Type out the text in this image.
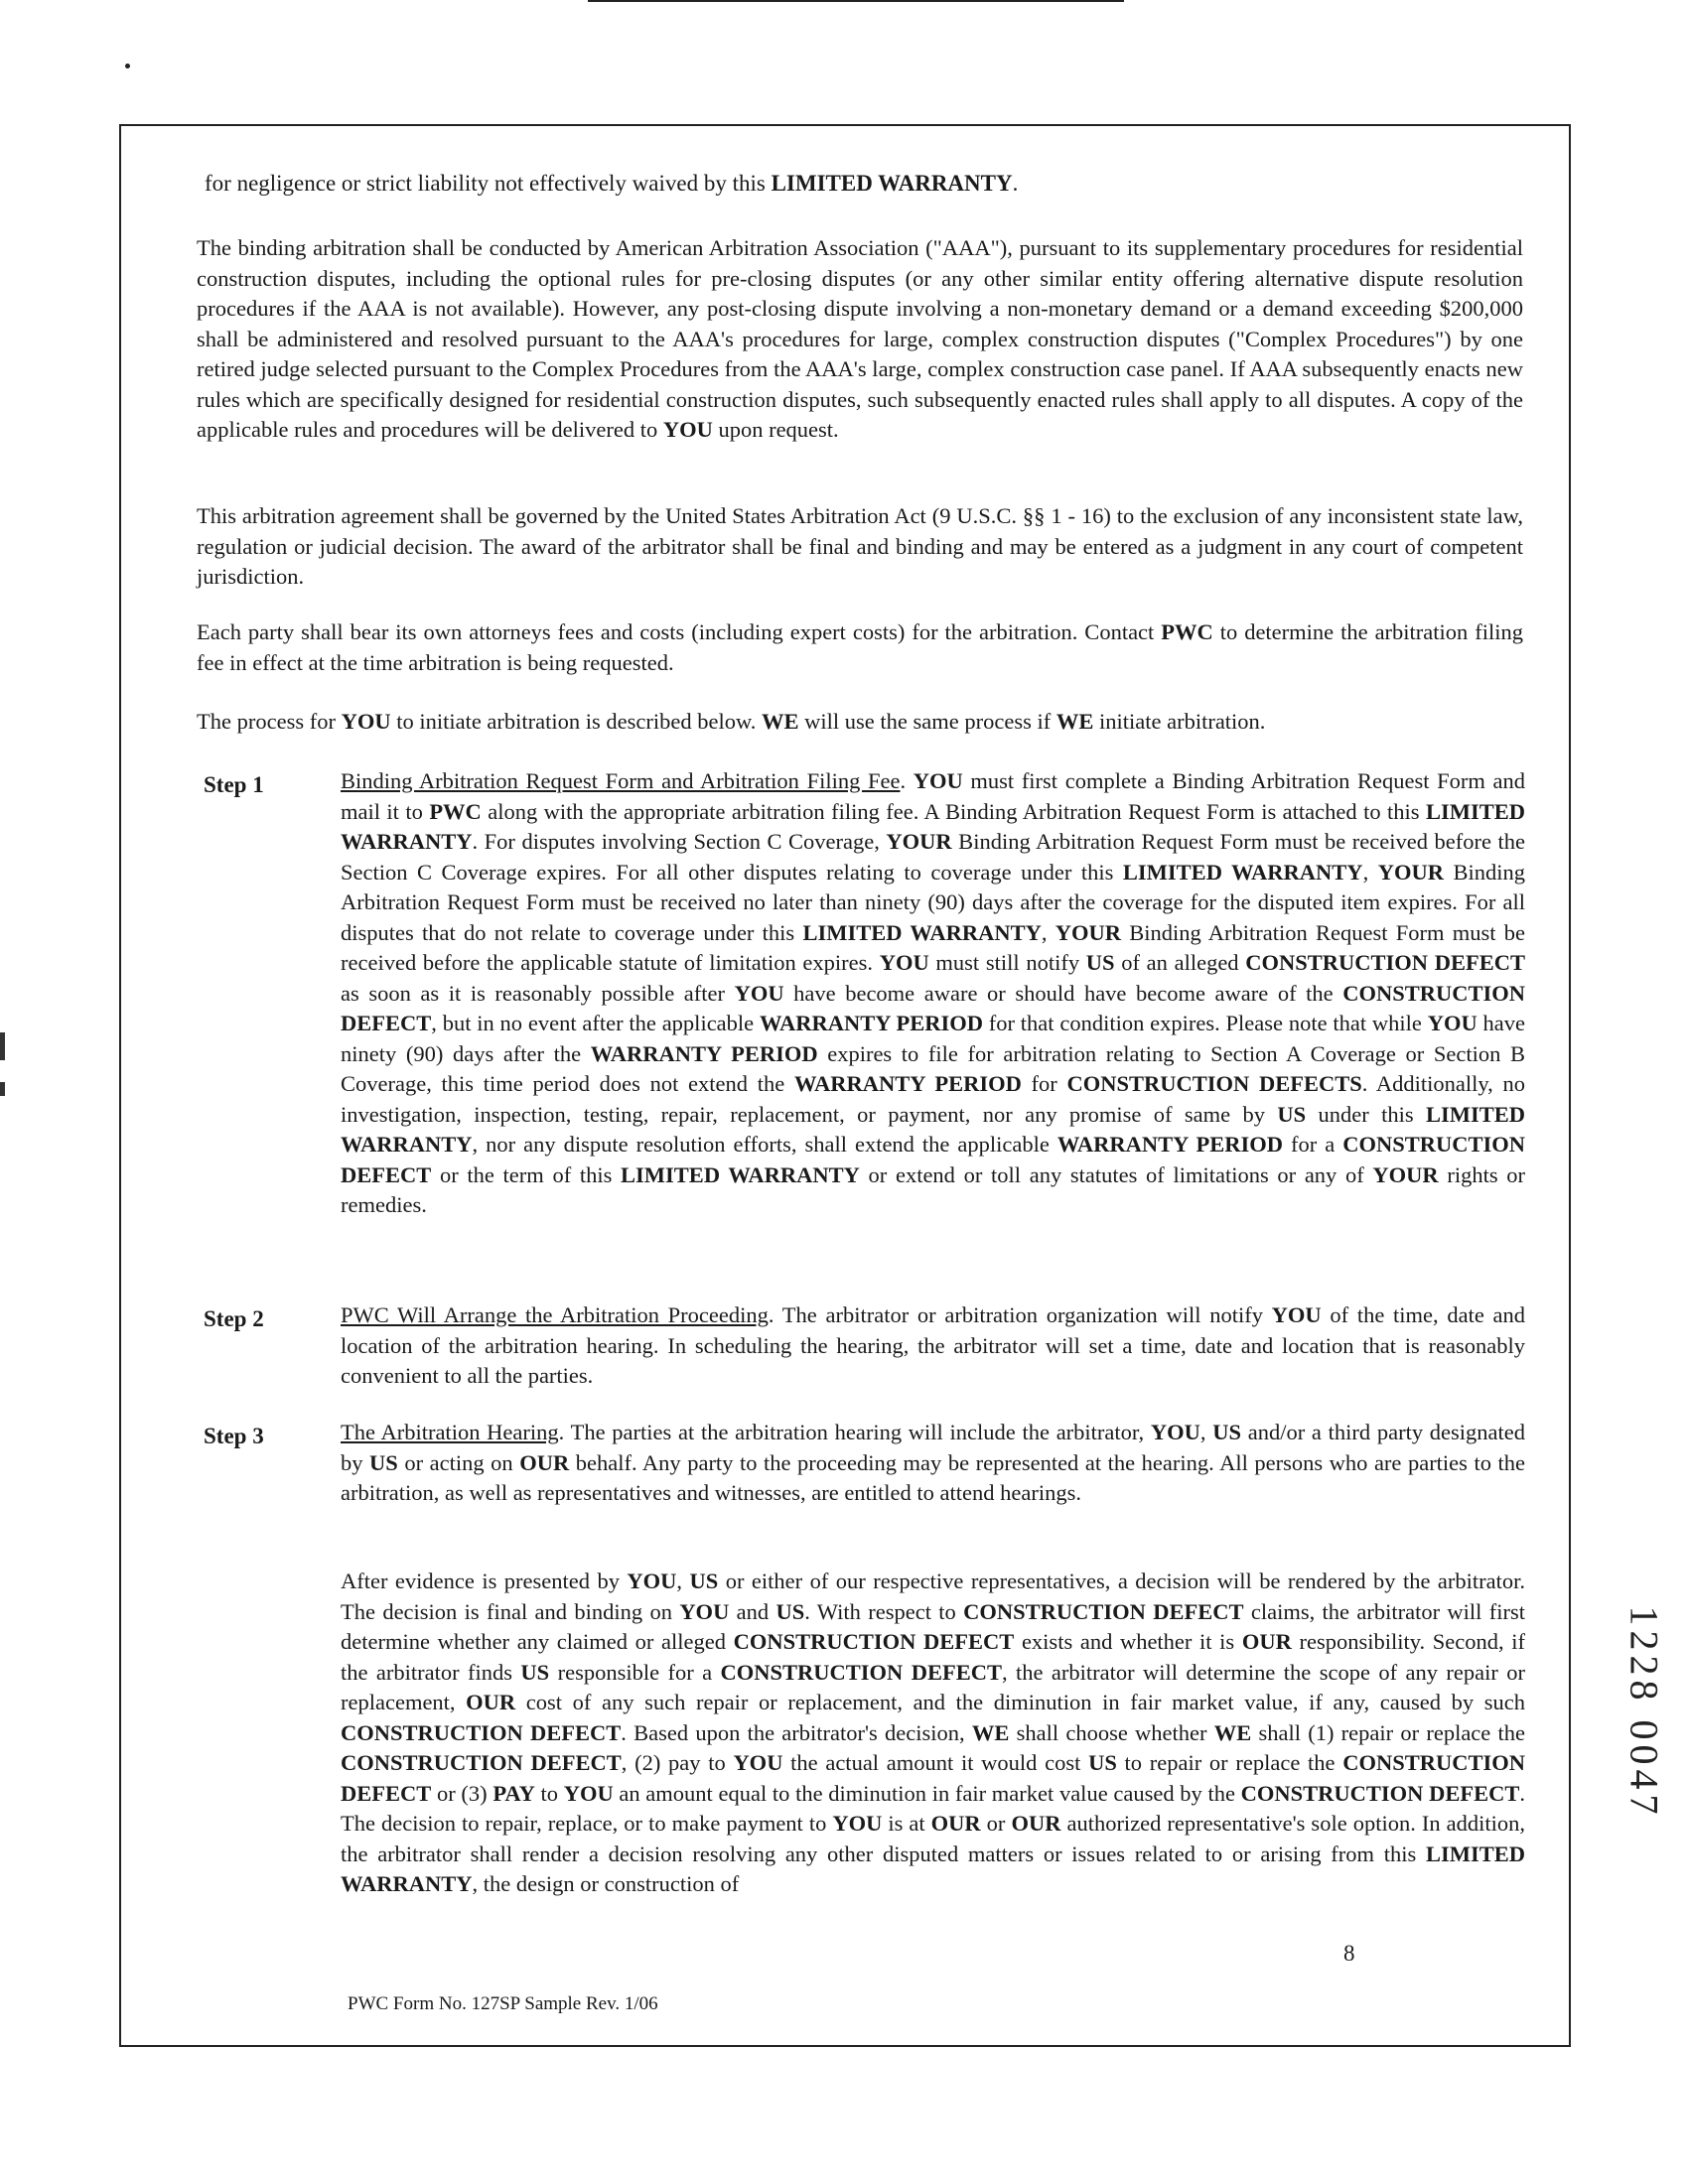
for negligence or strict liability not effectively waived by this LIMITED WARRANTY.

The binding arbitration shall be conducted by American Arbitration Association ("AAA"), pursuant to its supplementary procedures for residential construction disputes, including the optional rules for pre-closing disputes (or any other similar entity offering alternative dispute resolution procedures if the AAA is not available). However, any post-closing dispute involving a non-monetary demand or a demand exceeding $200,000 shall be administered and resolved pursuant to the AAA's procedures for large, complex construction disputes ("Complex Procedures") by one retired judge selected pursuant to the Complex Procedures from the AAA's large, complex construction case panel. If AAA subsequently enacts new rules which are specifically designed for residential construction disputes, such subsequently enacted rules shall apply to all disputes. A copy of the applicable rules and procedures will be delivered to YOU upon request.

This arbitration agreement shall be governed by the United States Arbitration Act (9 U.S.C. §§ 1 - 16) to the exclusion of any inconsistent state law, regulation or judicial decision. The award of the arbitrator shall be final and binding and may be entered as a judgment in any court of competent jurisdiction.

Each party shall bear its own attorneys fees and costs (including expert costs) for the arbitration. Contact PWC to determine the arbitration filing fee in effect at the time arbitration is being requested.

The process for YOU to initiate arbitration is described below. WE will use the same process if WE initiate arbitration.

Step 1	Binding Arbitration Request Form and Arbitration Filing Fee. YOU must first complete a Binding Arbitration Request Form and mail it to PWC along with the appropriate arbitration filing fee. A Binding Arbitration Request Form is attached to this LIMITED WARRANTY. For disputes involving Section C Coverage, YOUR Binding Arbitration Request Form must be received before the Section C Coverage expires. For all other disputes relating to coverage under this LIMITED WARRANTY, YOUR Binding Arbitration Request Form must be received no later than ninety (90) days after the coverage for the disputed item expires. For all disputes that do not relate to coverage under this LIMITED WARRANTY, YOUR Binding Arbitration Request Form must be received before the applicable statute of limitation expires. YOU must still notify US of an alleged CONSTRUCTION DEFECT as soon as it is reasonably possible after YOU have become aware or should have become aware of the CONSTRUCTION DEFECT, but in no event after the applicable WARRANTY PERIOD for that condition expires. Please note that while YOU have ninety (90) days after the WARRANTY PERIOD expires to file for arbitration relating to Section A Coverage or Section B Coverage, this time period does not extend the WARRANTY PERIOD for CONSTRUCTION DEFECTS. Additionally, no investigation, inspection, testing, repair, replacement, or payment, nor any promise of same by US under this LIMITED WARRANTY, nor any dispute resolution efforts, shall extend the applicable WARRANTY PERIOD for a CONSTRUCTION DEFECT or the term of this LIMITED WARRANTY or extend or toll any statutes of limitations or any of YOUR rights or remedies.

Step 2	PWC Will Arrange the Arbitration Proceeding. The arbitrator or arbitration organization will notify YOU of the time, date and location of the arbitration hearing. In scheduling the hearing, the arbitrator will set a time, date and location that is reasonably convenient to all the parties.

Step 3	The Arbitration Hearing. The parties at the arbitration hearing will include the arbitrator, YOU, US and/or a third party designated by US or acting on OUR behalf. Any party to the proceeding may be represented at the hearing. All persons who are parties to the arbitration, as well as representatives and witnesses, are entitled to attend hearings.

After evidence is presented by YOU, US or either of our respective representatives, a decision will be rendered by the arbitrator. The decision is final and binding on YOU and US. With respect to CONSTRUCTION DEFECT claims, the arbitrator will first determine whether any claimed or alleged CONSTRUCTION DEFECT exists and whether it is OUR responsibility. Second, if the arbitrator finds US responsible for a CONSTRUCTION DEFECT, the arbitrator will determine the scope of any repair or replacement, OUR cost of any such repair or replacement, and the diminution in fair market value, if any, caused by such CONSTRUCTION DEFECT. Based upon the arbitrator's decision, WE shall choose whether WE shall (1) repair or replace the CONSTRUCTION DEFECT, (2) pay to YOU the actual amount it would cost US to repair or replace the CONSTRUCTION DEFECT or (3) PAY to YOU an amount equal to the diminution in fair market value caused by the CONSTRUCTION DEFECT. The decision to repair, replace, or to make payment to YOU is at OUR or OUR authorized representative's sole option. In addition, the arbitrator shall render a decision resolving any other disputed matters or issues related to or arising from this LIMITED WARRANTY, the design or construction of

8
PWC Form No. 127SP Sample Rev. 1/06
1228 0047
